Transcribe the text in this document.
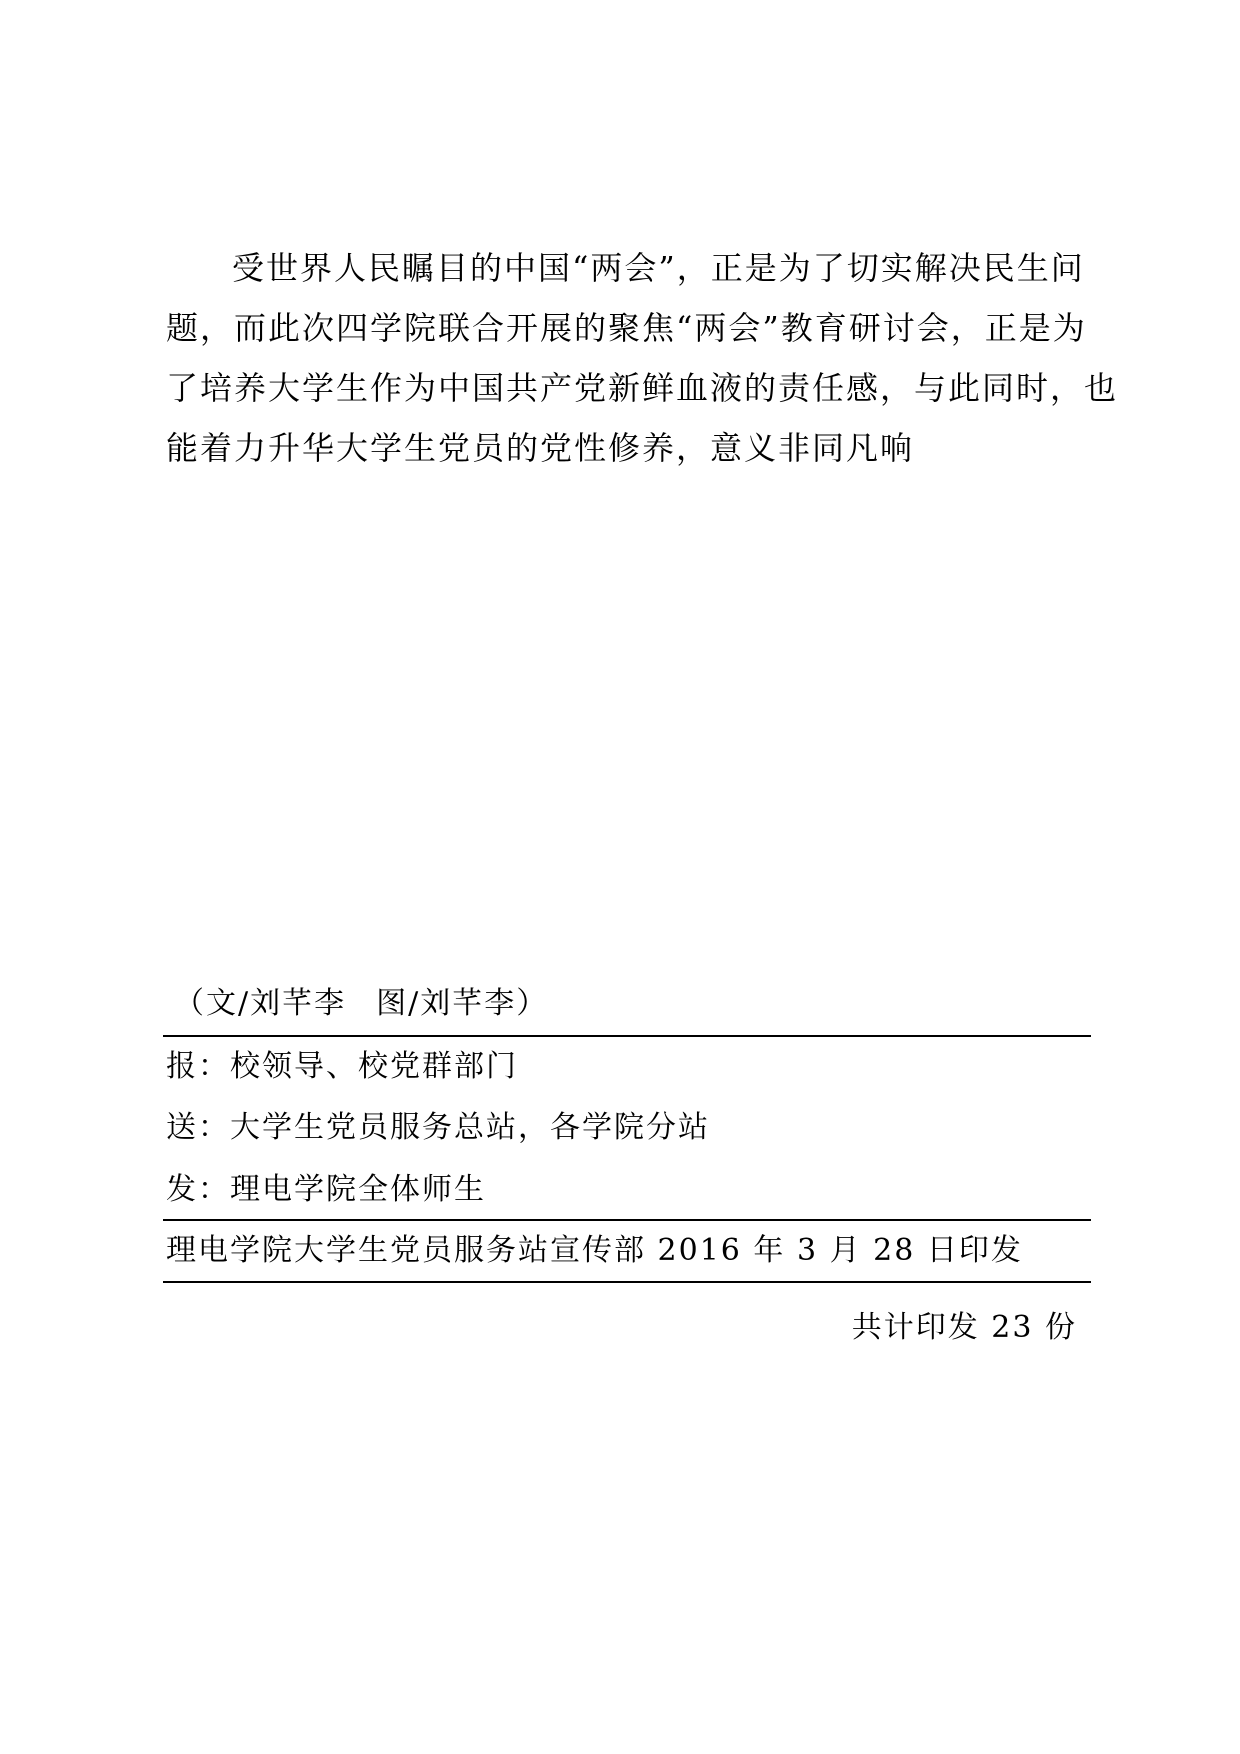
受世界人民瞩目的中国“两会”，正是为了切实解决民生问
题，而此次四学院联合开展的聚焦“两会”教育研讨会，正是为
了培养大学生作为中国共产党新鲜血液的责任感，与此同时，也
能着力升华大学生党员的党性修养，意义非同凡响
（文/刘芊李 图/刘芊李）
报：校领导、校党群部门
送：大学生党员服务总站，各学院分站
发：理电学院全体师生
理电学院大学生党员服务站宣传部 2016 年 3 月 28 日印发
共计印发 23 份
